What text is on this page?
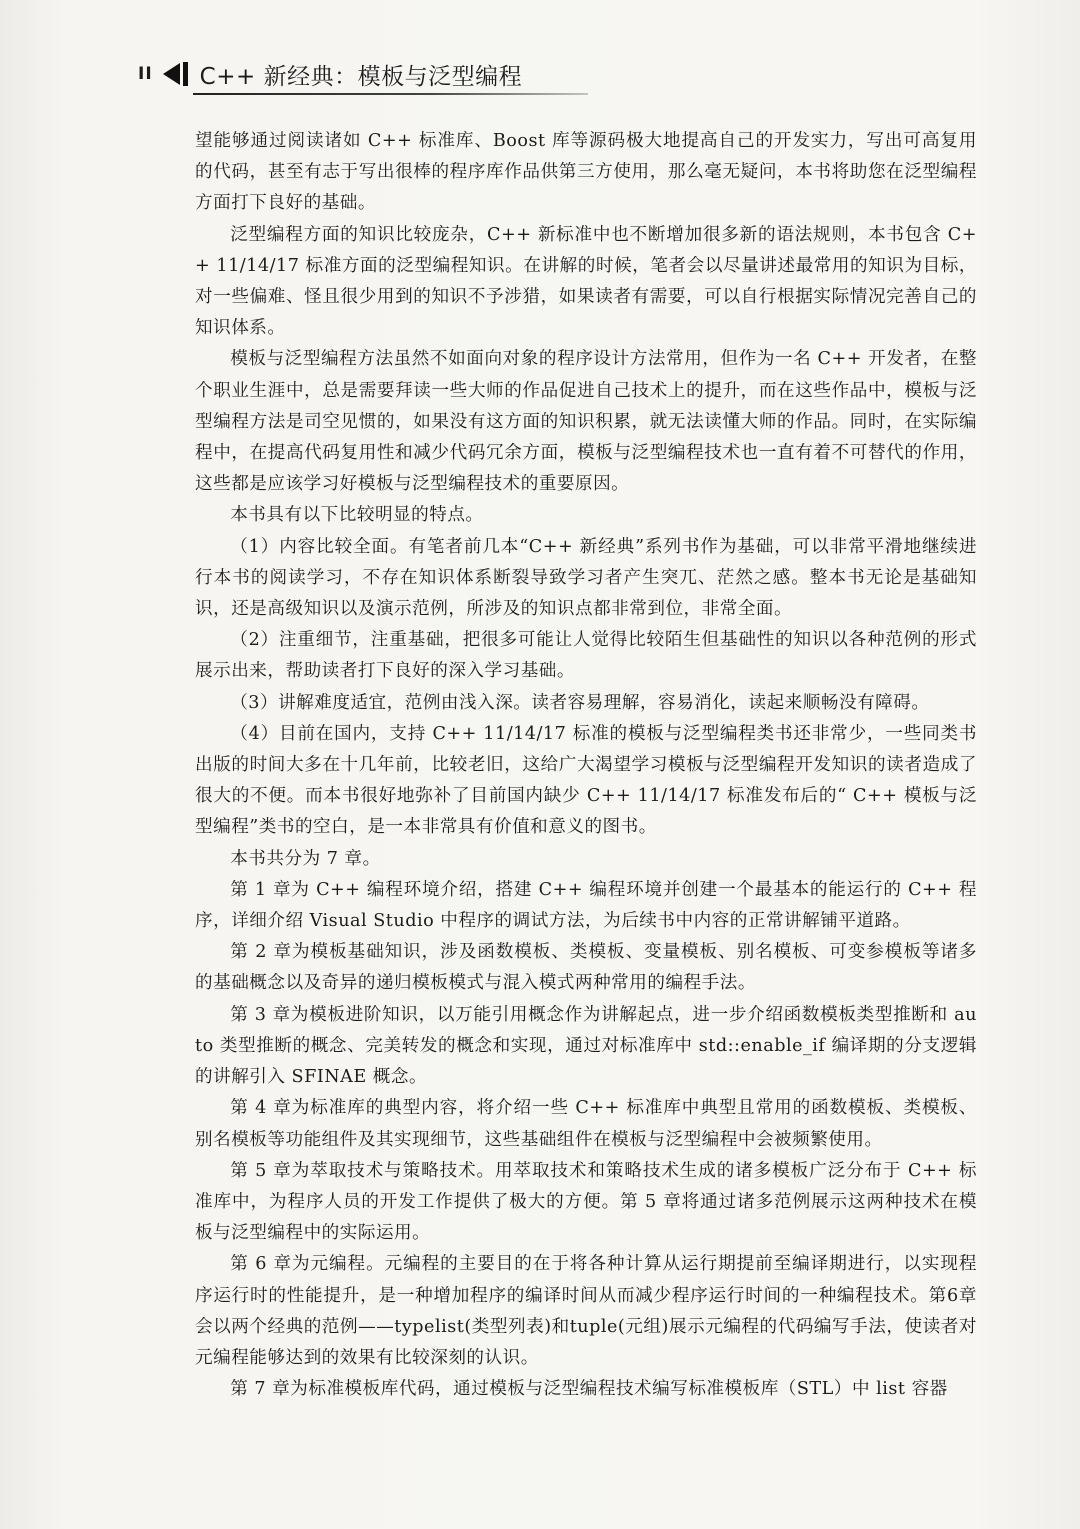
II C++ 新经典：模板与泛型编程

望能够通过阅读诸如 C++ 标准库、Boost 库等源码极大地提高自己的开发实力，写出可高复用的代码，甚至有志于写出很棒的程序库作品供第三方使用，那么毫无疑问，本书将助您在泛型编程方面打下良好的基础。

泛型编程方面的知识比较庞杂，C++ 新标准中也不断增加很多新的语法规则，本书包含 C++ 11/14/17 标准方面的泛型编程知识。在讲解的时候，笔者会以尽量讲述最常用的知识为目标，对一些偏难、怪且很少用到的知识不予涉猎，如果读者有需要，可以自行根据实际情况完善自己的知识体系。

模板与泛型编程方法虽然不如面向对象的程序设计方法常用，但作为一名 C++ 开发者，在整个职业生涯中，总是需要拜读一些大师的作品促进自己技术上的提升，而在这些作品中，模板与泛型编程方法是司空见惯的，如果没有这方面的知识积累，就无法读懂大师的作品。同时，在实际编程中，在提高代码复用性和减少代码冗余方面，模板与泛型编程技术也一直有着不可替代的作用，这些都是应该学习好模板与泛型编程技术的重要原因。

本书具有以下比较明显的特点。

（1）内容比较全面。有笔者前几本“C++ 新经典”系列书作为基础，可以非常平滑地继续进行本书的阅读学习，不存在知识体系断裂导致学习者产生突兀、茫然之感。整本书无论是基础知识，还是高级知识以及演示范例，所涉及的知识点都非常到位，非常全面。

（2）注重细节，注重基础，把很多可能让人觉得比较陌生但基础性的知识以各种范例的形式展示出来，帮助读者打下良好的深入学习基础。

（3）讲解难度适宜，范例由浅入深。读者容易理解，容易消化，读起来顺畅没有障碍。

（4）目前在国内，支持 C++ 11/14/17 标准的模板与泛型编程类书还非常少，一些同类书出版的时间大多在十几年前，比较老旧，这给广大渴望学习模板与泛型编程开发知识的读者造成了很大的不便。而本书很好地弥补了目前国内缺少 C++ 11/14/17 标准发布后的“ C++ 模板与泛型编程”类书的空白，是一本非常具有价值和意义的图书。

本书共分为 7 章。

第 1 章为 C++ 编程环境介绍，搭建 C++ 编程环境并创建一个最基本的能运行的 C++ 程序，详细介绍 Visual Studio 中程序的调试方法，为后续书中内容的正常讲解铺平道路。

第 2 章为模板基础知识，涉及函数模板、类模板、变量模板、别名模板、可变参模板等诸多的基础概念以及奇异的递归模板模式与混入模式两种常用的编程手法。

第 3 章为模板进阶知识，以万能引用概念作为讲解起点，进一步介绍函数模板类型推断和 auto 类型推断的概念、完美转发的概念和实现，通过对标准库中 std::enable_if 编译期的分支逻辑的讲解引入 SFINAE 概念。

第 4 章为标准库的典型内容，将介绍一些 C++ 标准库中典型且常用的函数模板、类模板、别名模板等功能组件及其实现细节，这些基础组件在模板与泛型编程中会被频繁使用。

第 5 章为萃取技术与策略技术。用萃取技术和策略技术生成的诸多模板广泛分布于 C++ 标准库中，为程序人员的开发工作提供了极大的方便。第 5 章将通过诸多范例展示这两种技术在模板与泛型编程中的实际运用。

第 6 章为元编程。元编程的主要目的在于将各种计算从运行期提前至编译期进行，以实现程序运行时的性能提升，是一种增加程序的编译时间从而减少程序运行时间的一种编程技术。第6章会以两个经典的范例——typelist(类型列表)和tuple(元组)展示元编程的代码编写手法，使读者对元编程能够达到的效果有比较深刻的认识。

第 7 章为标准模板库代码，通过模板与泛型编程技术编写标准模板库（STL）中 list 容器
